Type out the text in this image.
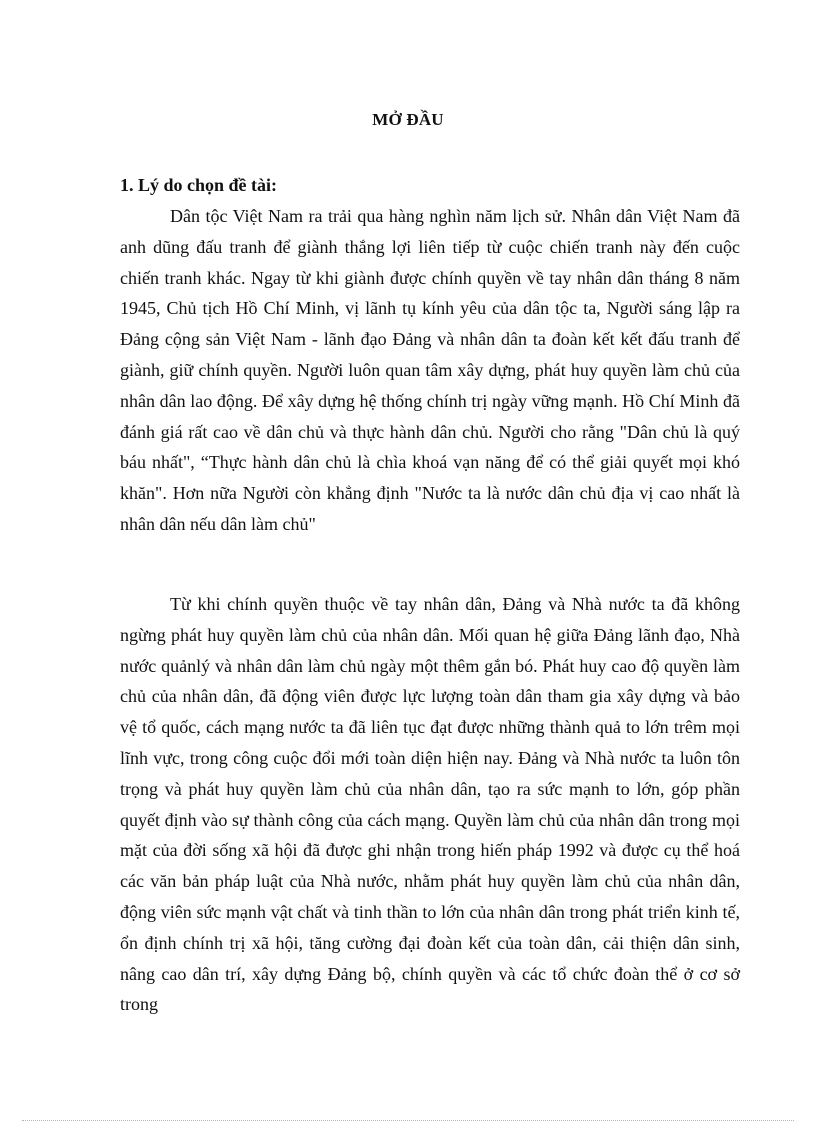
MỞ ĐẦU
1. Lý do chọn đề tài:

Dân tộc Việt Nam ra trải qua hàng nghìn năm lịch sử. Nhân dân Việt Nam đã anh dũng đấu tranh để giành thắng lợi liên tiếp từ cuộc chiến tranh này đến cuộc chiến tranh khác. Ngay từ khi giành được chính quyền về tay nhân dân tháng 8 năm 1945, Chủ tịch Hồ Chí Minh, vị lãnh tụ kính yêu của dân tộc ta, Người sáng lập ra Đảng cộng sản Việt Nam - lãnh đạo Đảng và nhân dân ta đoàn kết kết đấu tranh để giành, giữ chính quyền. Người luôn quan tâm xây dựng, phát huy quyền làm chủ của nhân dân lao động. Để xây dựng hệ thống chính trị ngày vững mạnh. Hồ Chí Minh đã đánh giá rất cao về dân chủ và thực hành dân chủ. Người cho rằng "Dân chủ là quý báu nhất", “Thực hành dân chủ là chìa khoá vạn năng để có thể giải quyết mọi khó khăn". Hơn nữa Người còn khẳng định "Nước ta là nước dân chủ địa vị cao nhất là nhân dân nếu dân làm chủ"

Từ khi chính quyền thuộc về tay nhân dân, Đảng và Nhà nước ta đã không ngừng phát huy quyền làm chủ của nhân dân. Mối quan hệ giữa Đảng lãnh đạo, Nhà nước quảnlý và nhân dân làm chủ ngày một thêm gắn bó. Phát huy cao độ quyền làm chủ của nhân dân, đã động viên được lực lượng toàn dân tham gia xây dựng và bảo vệ tổ quốc, cách mạng nước ta đã liên tục đạt được những thành quả to lớn trêm mọi lĩnh vực, trong công cuộc đổi mới toàn diện hiện nay. Đảng và Nhà nước ta luôn tôn trọng và phát huy quyền làm chủ của nhân dân, tạo ra sức mạnh to lớn, góp phần quyết định vào sự thành công của cách mạng. Quyền làm chủ của nhân dân trong mọi mặt của đời sống xã hội đã được ghi nhận trong hiến pháp 1992 và được cụ thể hoá các văn bản pháp luật của Nhà nước, nhằm phát huy quyền làm chủ của nhân dân, động viên sức mạnh vật chất và tinh thần to lớn của nhân dân trong phát triển kinh tế, ổn định chính trị xã hội, tăng cường đại đoàn kết của toàn dân, cải thiện dân sinh, nâng cao dân trí, xây dựng Đảng bộ, chính quyền và các tổ chức đoàn thể ở cơ sở trong
